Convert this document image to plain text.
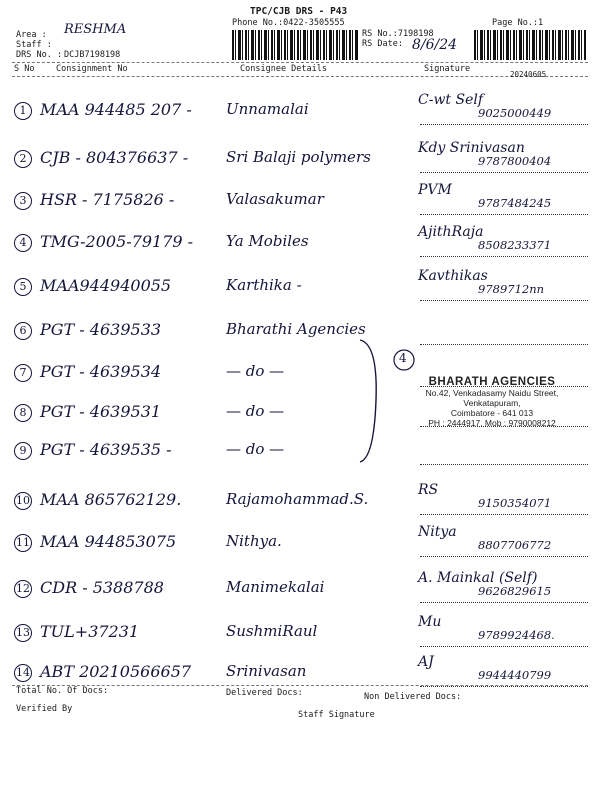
TPC/CJB DRS - P43
Phone No.:0422-3505555	Page No.:1
Area : RESHMA
Staff :
DRS No. : DCJB7198198
RS No.:7198198
RS Date: 8/6/24
S No	Consignment No	Consignee Details	Signature
20240605
1 MAA 944485 207 - Unnamalai	C-wt Self
9025000449
2 CJB - 804376637 -	Sri Balaji polymers	Kdy Srinivasan
9787800404
3 HSR - 7175826 -	Valasakumar	PVM
9787484245
4 TMG-2005-79179 - Ya Mobiles	AjithRaja
8508233371
5 MAA944940055	Karthika -	Kavthikas
9789712nn
6 PGT - 4639533	Bharathi Agencies
7 PGT - 4639534	— do —
8 PGT - 4639531	— do —
9 PGT - 4639535 -	— do —
10 MAA 865762129.	Rajamohammad.S.	RS
9150354071
11 MAA 944853075	Nithya.	Nitya
8807706772
12 CDR - 5388788	Manimekalai	A. Mainkal (Self)
9626829615
13 TUL+37231	SushmiRaul	Mu
9789924468.
14 ABT 20210566657 Srinivasan	AJ
9944440799
4
BHARATH AGENCIES
No.42, Venkadasamy Naidu Street,
Venkatapuram,
Coimbatore - 641 013
PH : 2444917, Mob : 9790008212
Total No. Of Docs:	Delivered Docs:	Non Delivered Docs:
Verified By
Staff Signature
